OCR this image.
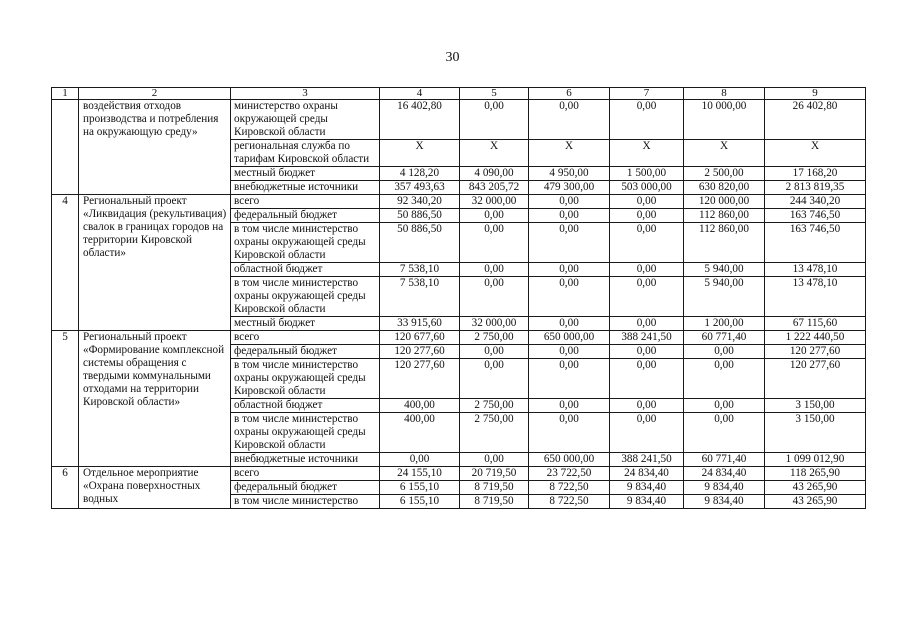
30
1	2	3	4	5	6	7	8	9
	воздействия отходов производства и потребления на окружающую среду»	министерство охраны окружающей среды Кировской области	16 402,80	0,00	0,00	0,00	10 000,00	26 402,80
		региональная служба по тарифам Кировской области	X	X	X	X	X	X
		местный бюджет	4 128,20	4 090,00	4 950,00	1 500,00	2 500,00	17 168,20
		внебюджетные источники	357 493,63	843 205,72	479 300,00	503 000,00	630 820,00	2 813 819,35
4	Региональный проект «Ликвидация (рекультивация) свалок в границах городов на территории Кировской области»	всего	92 340,20	32 000,00	0,00	0,00	120 000,00	244 340,20
		федеральный бюджет	50 886,50	0,00	0,00	0,00	112 860,00	163 746,50
		в том числе министерство охраны окружающей среды Кировской области	50 886,50	0,00	0,00	0,00	112 860,00	163 746,50
		областной бюджет	7 538,10	0,00	0,00	0,00	5 940,00	13 478,10
		в том числе министерство охраны окружающей среды Кировской области	7 538,10	0,00	0,00	0,00	5 940,00	13 478,10
		местный бюджет	33 915,60	32 000,00	0,00	0,00	1 200,00	67 115,60
5	Региональный проект «Формирование комплексной системы обращения с твердыми коммунальными отходами на территории Кировской области»	всего	120 677,60	2 750,00	650 000,00	388 241,50	60 771,40	1 222 440,50
		федеральный бюджет	120 277,60	0,00	0,00	0,00	0,00	120 277,60
		в том числе министерство охраны окружающей среды Кировской области	120 277,60	0,00	0,00	0,00	0,00	120 277,60
		областной бюджет	400,00	2 750,00	0,00	0,00	0,00	3 150,00
		в том числе министерство охраны окружающей среды Кировской области	400,00	2 750,00	0,00	0,00	0,00	3 150,00
		внебюджетные источники	0,00	0,00	650 000,00	388 241,50	60 771,40	1 099 012,90
6	Отдельное мероприятие «Охрана поверхностных водных	всего	24 155,10	20 719,50	23 722,50	24 834,40	24 834,40	118 265,90
		федеральный бюджет	6 155,10	8 719,50	8 722,50	9 834,40	9 834,40	43 265,90
		в том числе министерство	6 155,10	8 719,50	8 722,50	9 834,40	9 834,40	43 265,90
